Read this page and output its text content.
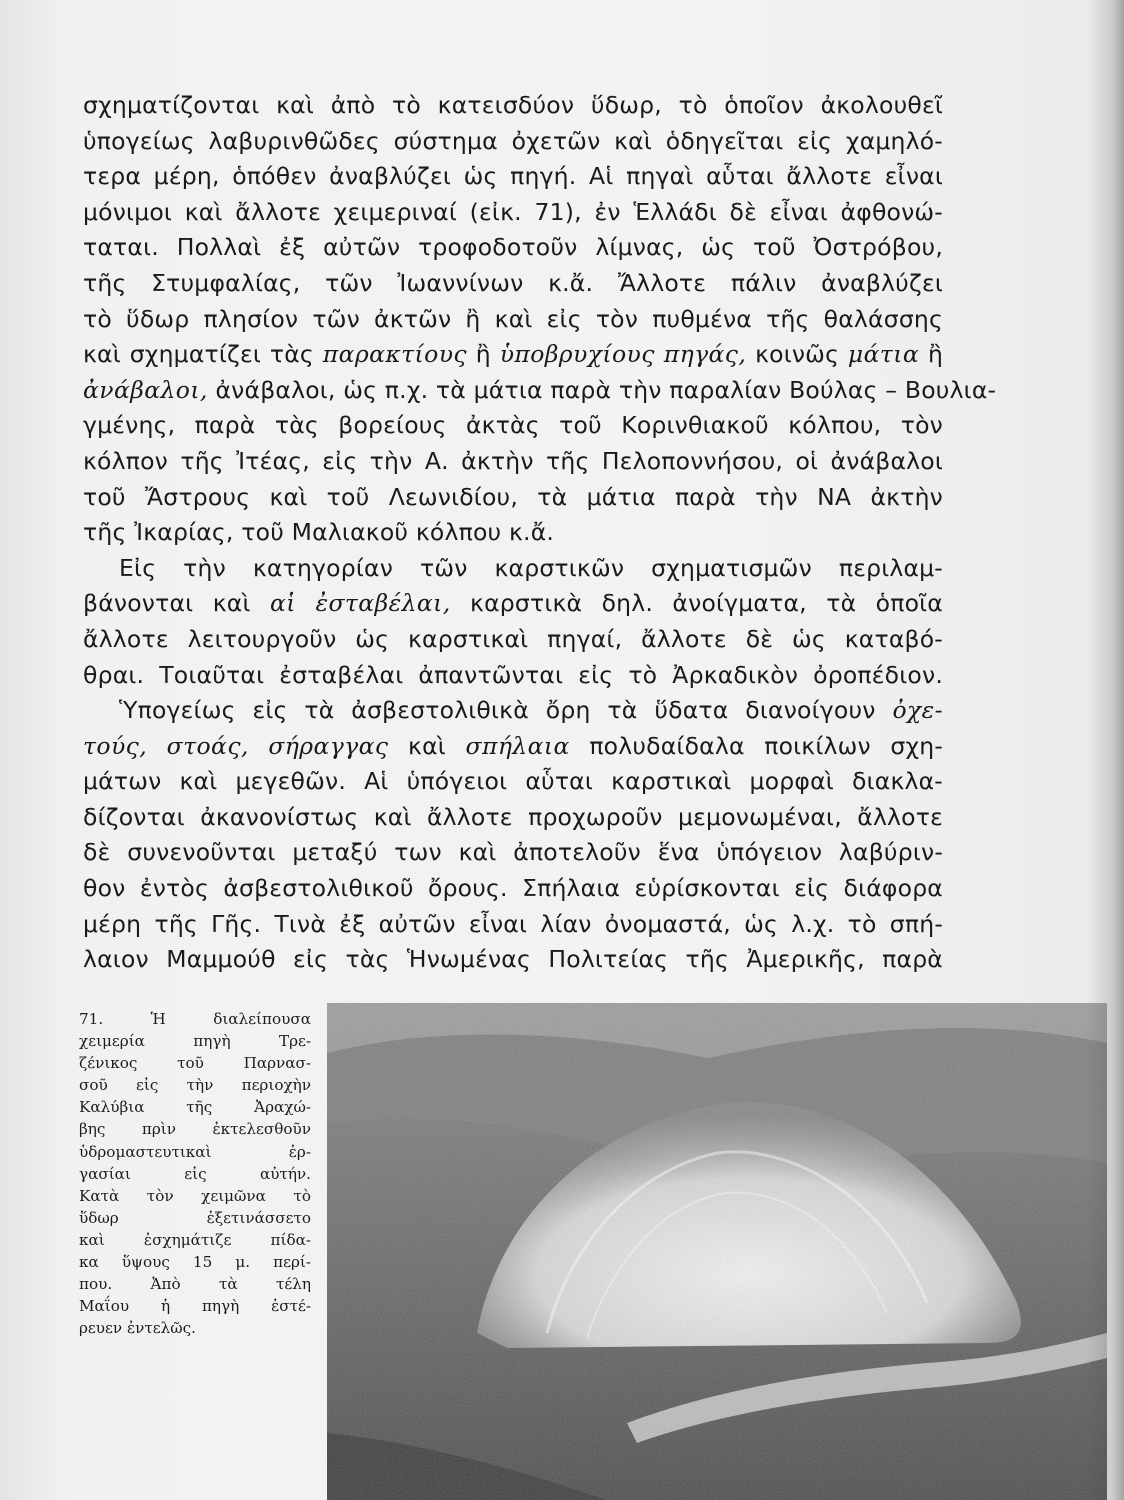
σχηματίζονται καὶ ἀπὸ τὸ κατεισδύον ὕδωρ, τὸ ὁποῖον ἀκολουθεῖ
ὑπογείως λαβυρινθῶδες σύστημα ὀχετῶν καὶ ὁδηγεῖται εἰς χαμηλό-
τερα μέρη, ὁπόθεν ἀναβλύζει ὡς πηγή. Αἱ πηγαὶ αὗται ἄλλοτε εἶναι
μόνιμοι καὶ ἄλλοτε χειμεριναί (εἰκ. 71), ἐν Ἑλλάδι δὲ εἶναι ἀφθονώ-
ταται. Πολλαὶ ἐξ αὐτῶν τροφοδοτοῦν λίμνας, ὡς τοῦ Ὀστρόβου,
τῆς Στυμφαλίας, τῶν Ἰωαννίνων κ.ἄ. Ἄλλοτε πάλιν ἀναβλύζει
τὸ ὕδωρ πλησίον τῶν ἀκτῶν ἢ καὶ εἰς τὸν πυθμένα τῆς θαλάσσης
καὶ σχηματίζει τὰς παρακτίους ἢ ὑποβρυχίους πηγάς, κοινῶς μάτια ἢ
ἀνάβαλοι, ἀνάβαλοι, ὡς π.χ. τὰ μάτια παρὰ τὴν παραλίαν Βούλας – Βουλια-
γμένης, παρὰ τὰς βορείους ἀκτὰς τοῦ Κορινθιακοῦ κόλπου, τὸν
κόλπον τῆς Ἰτέας, εἰς τὴν Α. ἀκτὴν τῆς Πελοποννήσου, οἱ ἀνάβαλοι
τοῦ Ἄστρους καὶ τοῦ Λεωνιδίου, τὰ μάτια παρὰ τὴν ΝΑ ἀκτὴν
τῆς Ἰκαρίας, τοῦ Μαλιακοῦ κόλπου κ.ἄ.
Εἰς τὴν κατηγορίαν τῶν καρστικῶν σχηματισμῶν περιλαμ-
βάνονται καὶ αἱ ἐσταβέλαι, καρστικὰ δηλ. ἀνοίγματα, τὰ ὁποῖα
ἄλλοτε λειτουργοῦν ὡς καρστικαὶ πηγαί, ἄλλοτε δὲ ὡς καταβό-
θραι. Τοιαῦται ἐσταβέλαι ἀπαντῶνται εἰς τὸ Ἀρκαδικὸν ὀροπέδιον.
Ὑπογείως εἰς τὰ ἀσβεστολιθικὰ ὄρη τὰ ὕδατα διανοίγουν ὀχε-
τούς, στοάς, σήραγγας καὶ σπήλαια πολυδαίδαλα ποικίλων σχη-
μάτων καὶ μεγεθῶν. Αἱ ὑπόγειοι αὗται καρστικαὶ μορφαὶ διακλα-
δίζονται ἀκανονίστως καὶ ἄλλοτε προχωροῦν μεμονωμέναι, ἄλλοτε
δὲ συνενοῦνται μεταξύ των καὶ ἀποτελοῦν ἕνα ὑπόγειον λαβύριν-
θον ἐντὸς ἀσβεστολιθικοῦ ὄρους. Σπήλαια εὑρίσκονται εἰς διάφορα
μέρη τῆς Γῆς. Τινὰ ἐξ αὐτῶν εἶναι λίαν ὀνομαστά, ὡς λ.χ. τὸ σπή-
λαιον Μαμμούθ εἰς τὰς Ἡνωμένας Πολιτείας τῆς Ἀμερικῆς, παρὰ
71. Ἡ διαλείπουσα
χειμερία πηγὴ Τρε-
ζένικος τοῦ Παρνασ-
σοῦ εἰς τὴν περιοχὴν
Καλύβια τῆς Ἀραχώ-
βης πρὶν ἐκτελεσθοῦν
ὑδρομαστευτικαὶ ἐρ-
γασίαι εἰς αὐτήν.
Κατὰ τὸν χειμῶνα τὸ
ὕδωρ ἐξετινάσσετο
καὶ ἐσχημάτιζε πίδα-
κα ὕψους 15 μ. περί-
που. Ἀπὸ τὰ τέλη
Μαΐου ἡ πηγὴ ἐστέ-
ρευεν ἐντελῶς.
